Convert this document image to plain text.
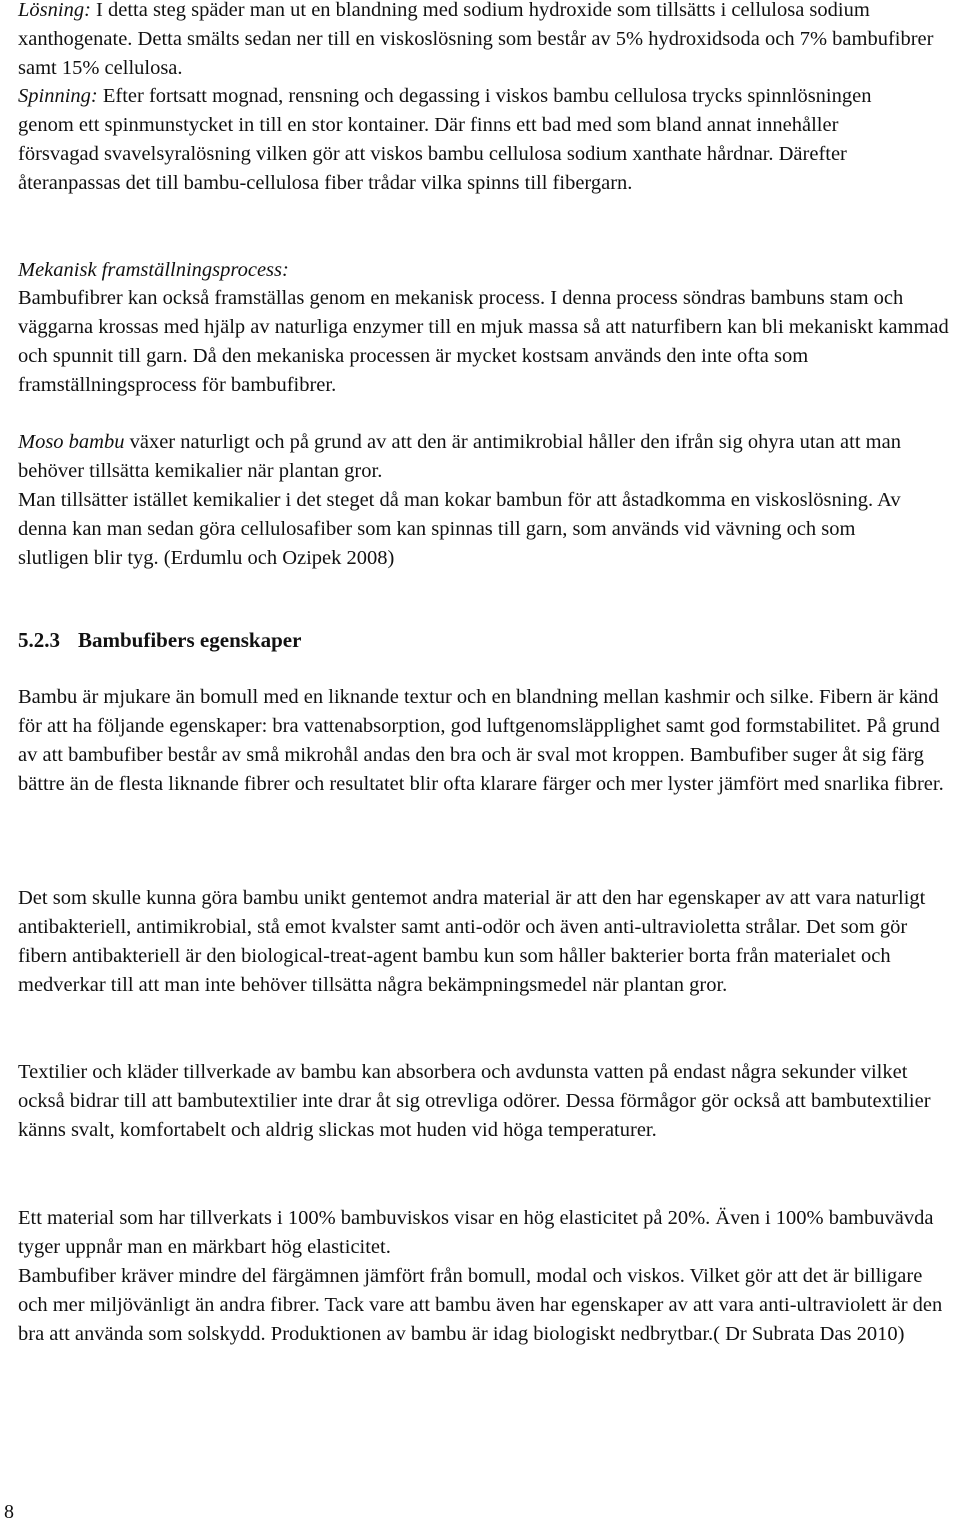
Lösning: I detta steg späder man ut en blandning med sodium hydroxide som tillsätts i cellulosa sodium xanthogenate. Detta smälts sedan ner till en viskoslösning som består av 5% hydroxidsoda och 7% bambufibrer samt 15% cellulosa.

Spinning: Efter fortsatt mognad, rensning och degassing i viskos bambu cellulosa trycks spinnlösningen genom ett spinmunstycket in till en stor kontainer. Där finns ett bad med som bland annat innehåller försvagad svavelsyralösning vilken gör att viskos bambu cellulosa sodium xanthate hårdnar. Därefter återanpassas det till bambu-cellulosa fiber trådar vilka spinns till fibergarn.

Mekanisk framställningsprocess:

Bambufibrer kan också framställas genom en mekanisk process. I denna process söndras bambuns stam och väggarna krossas med hjälp av naturliga enzymer till en mjuk massa så att naturfibern kan bli mekaniskt kammad och spunnit till garn. Då den mekaniska processen är mycket kostsam används den inte ofta som framställningsprocess för bambufibrer.

Moso bambu växer naturligt och på grund av att den är antimikrobial håller den ifrån sig ohyra utan att man behöver tillsätta kemikalier när plantan gror.

Man tillsätter istället kemikalier i det steget då man kokar bambun för att åstadkomma en viskoslösning. Av denna kan man sedan göra cellulosafiber som kan spinnas till garn, som används vid vävning och som slutligen blir tyg. (Erdumlu och Ozipek 2008)

5.2.3 Bambufibers egenskaper

Bambu är mjukare än bomull med en liknande textur och en blandning mellan kashmir och silke. Fibern är känd för att ha följande egenskaper: bra vattenabsorption, god luftgenomsläpplighet samt god formstabilitet. På grund av att bambufiber består av små mikrohål andas den bra och är sval mot kroppen. Bambufiber suger åt sig färg bättre än de flesta liknande fibrer och resultatet blir ofta klarare färger och mer lyster jämfört med snarlika fibrer.

Det som skulle kunna göra bambu unikt gentemot andra material är att den har egenskaper av att vara naturligt antibakteriell, antimikrobial, stå emot kvalster samt anti-odör och även anti-ultravioletta strålar. Det som gör fibern antibakteriell är den biological-treat-agent bambu kun som håller bakterier borta från materialet och medverkar till att man inte behöver tillsätta några bekämpningsmedel när plantan gror.

Textilier och kläder tillverkade av bambu kan absorbera och avdunsta vatten på endast några sekunder vilket också bidrar till att bambutextilier inte drar åt sig otrevliga odörer. Dessa förmågor gör också att bambutextilier känns svalt, komfortabelt och aldrig slickas mot huden vid höga temperaturer.

Ett material som har tillverkats i 100% bambuviskos visar en hög elasticitet på 20%. Även i 100% bambuvävda tyger uppnår man en märkbart hög elasticitet.

Bambufiber kräver mindre del färgämnen jämfört från bomull, modal och viskos. Vilket gör att det är billigare och mer miljövänligt än andra fibrer. Tack vare att bambu även har egenskaper av att vara anti-ultraviolett är den bra att använda som solskydd. Produktionen av bambu är idag biologiskt nedbrytbar.( Dr Subrata Das 2010)

8
